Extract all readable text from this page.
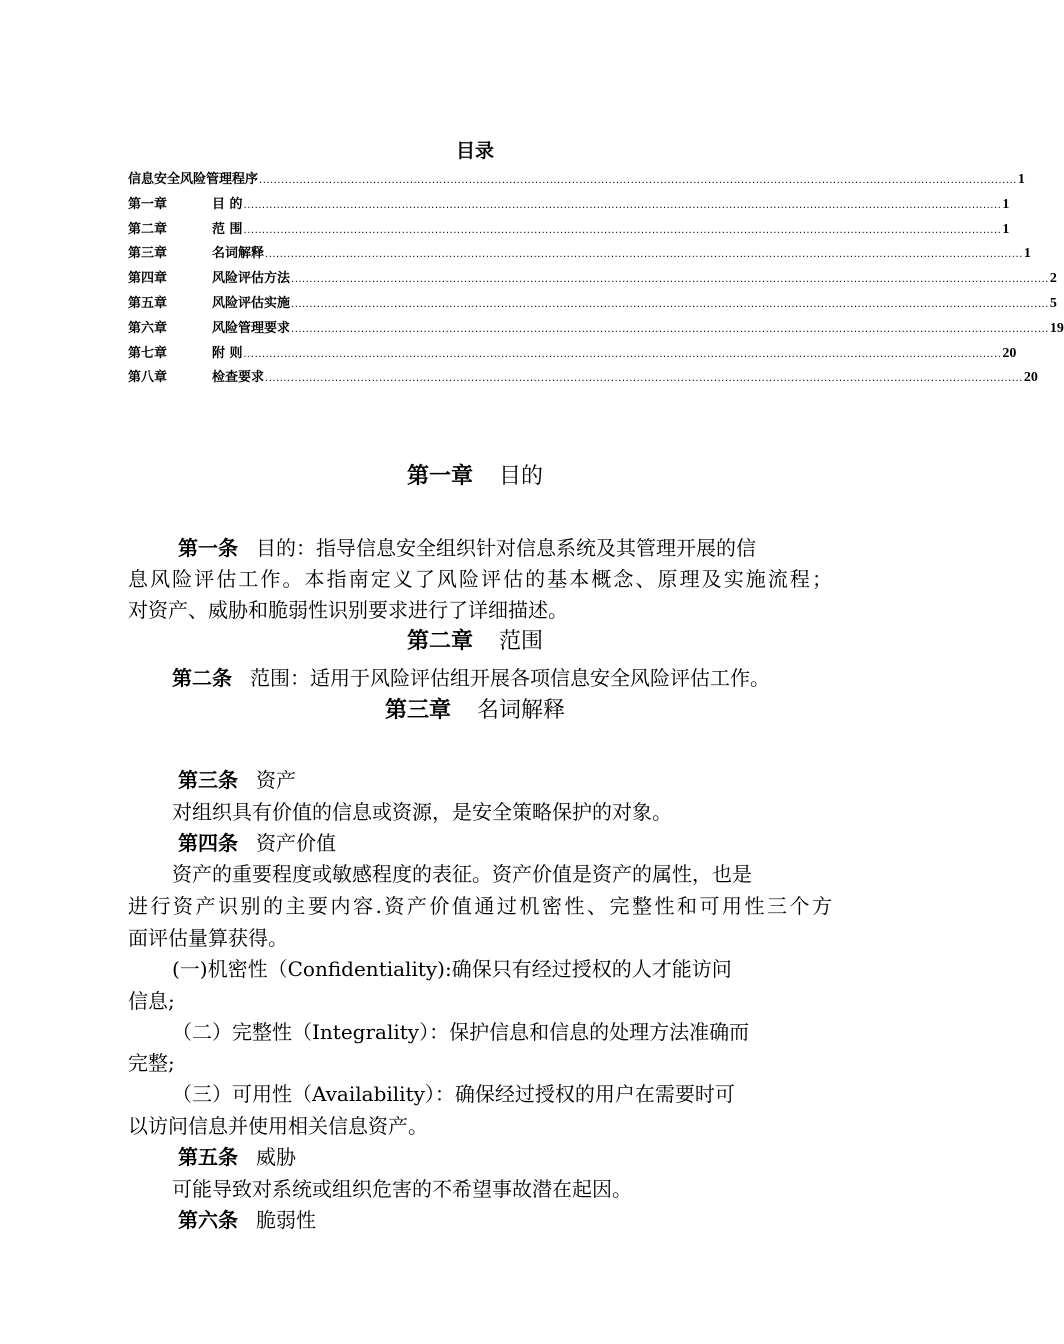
目录
信息安全风险管理程序 .............................................................................................................................................................................................................. 1
第一章	目 的 .............................................................................................................................................................................................................. 1
第二章	范 围 .............................................................................................................................................................................................................. 1
第三章	名词解释 .............................................................................................................................................................................................................. 1
第四章	风险评估方法 .............................................................................................................................................................................................................. 2
第五章	风险评估实施 .............................................................................................................................................................................................................. 5
第六章	风险管理要求 .............................................................................................................................................................................................................. 19
第七章	附 则 .............................................................................................................................................................................................................. 20
第八章	检查要求 .............................................................................................................................................................................................................. 20
第一章 目的
第一条 目的：指导信息安全组织针对信息系统及其管理开展的信
息风险评估工作。本指南定义了风险评估的基本概念、原理及实施流程；
对资产、威胁和脆弱性识别要求进行了详细描述。
第二章 范围
第二条 范围：适用于风险评估组开展各项信息安全风险评估工作。
第三章 名词解释
第三条 资产
对组织具有价值的信息或资源，是安全策略保护的对象。
第四条 资产价值
资产的重要程度或敏感程度的表征。资产价值是资产的属性，也是
进行资产识别的主要内容.资产价值通过机密性、完整性和可用性三个方
面评估量算获得。
(一)机密性（Confidentiality):确保只有经过授权的人才能访问
信息;
（二）完整性（Integrality）：保护信息和信息的处理方法准确而
完整;
（三）可用性（Availability）：确保经过授权的用户在需要时可
以访问信息并使用相关信息资产。
第五条 威胁
可能导致对系统或组织危害的不希望事故潜在起因。
第六条 脆弱性
